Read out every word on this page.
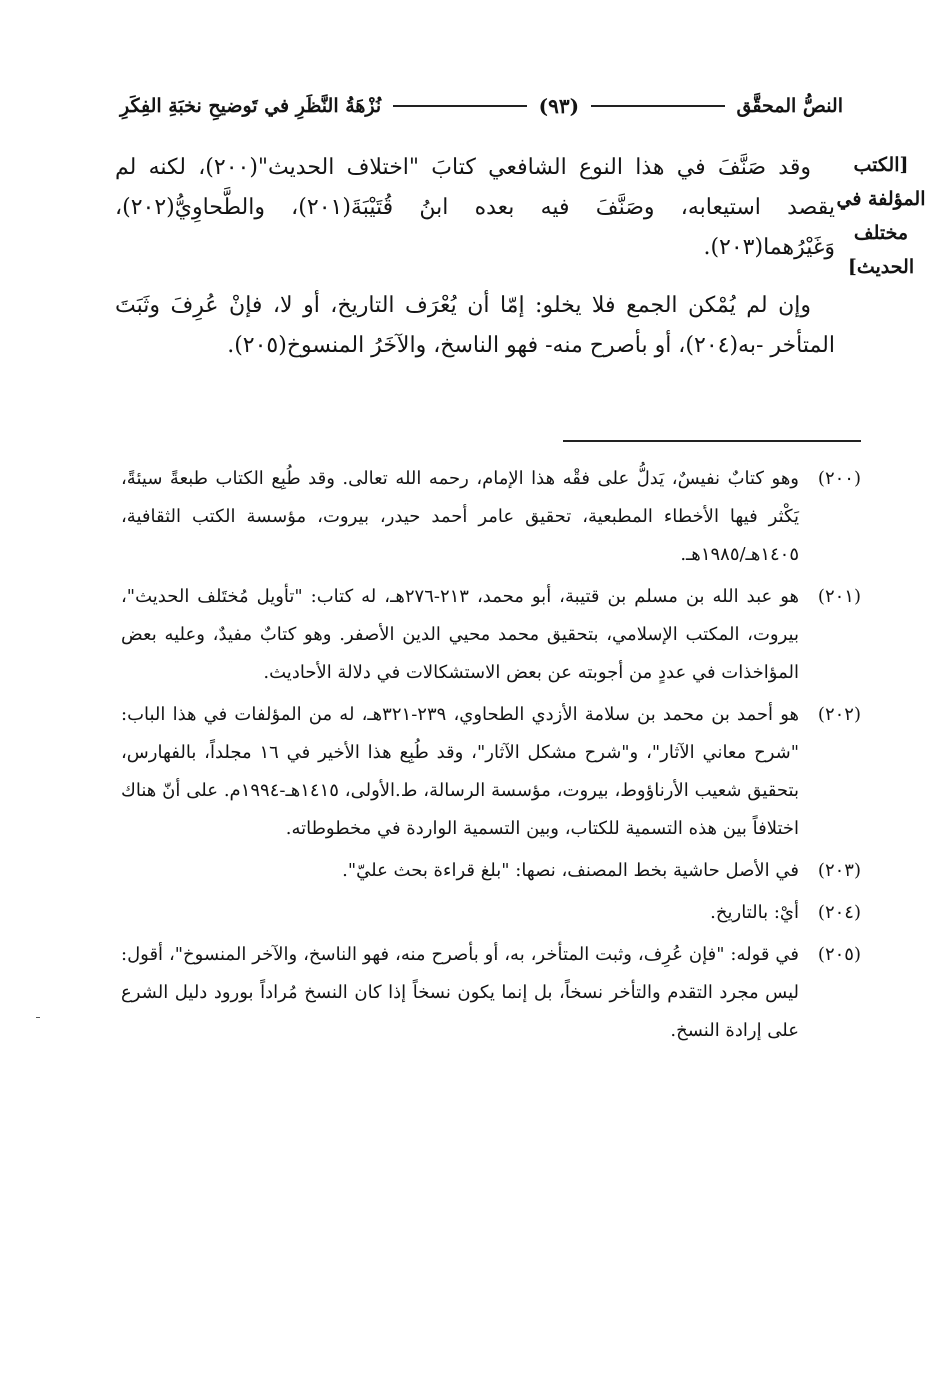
النصُّ المحقَّق
(٩٣)
نُزْهَةُ النَّظَرِ في تَوضيحِ نخبَةِ الفِكَرِ
[الكتب
المؤلفة في
مختلف
الحديث]

وقد صَنَّفَ في هذا النوع الشافعي كتابَ "اختلاف الحديث"(٢٠٠)، لكنه لم يقصد استيعابه، وصَنَّفَ فيه بعده ابنُ قُتَيْبَةَ(٢٠١)، والطَّحاوِيُّ(٢٠٢)، وَغَيْرُهما(٢٠٣).

وإن لم يُمْكن الجمع فلا يخلو: إمّا أن يُعْرَف التاريخ، أو لا، فإنْ عُرِفَ وثَبَتَ المتأخر -به(٢٠٤)، أو بأصرح منه- فهو الناسخ، والآخَرُ المنسوخ(٢٠٥).

(٢٠٠)
وهو كتابٌ نفيسٌ، يَدلُّ على فقْه هذا الإمام، رحمه الله تعالى. وقد طُبِع الكتاب طبعةً سيئةً، يَكْثر فيها الأخطاء المطبعية، تحقيق عامر أحمد حيدر، بيروت، مؤسسة الكتب الثقافية، ١٤٠٥هـ/١٩٨٥هـ.
(٢٠١)
هو عبد الله بن مسلم بن قتيبة، أبو محمد، ٢١٣-٢٧٦هـ، له كتاب: "تأويل مُختَلف الحديث"، بيروت، المكتب الإسلامي، بتحقيق محمد محيي الدين الأصفر. وهو كتابٌ مفيدٌ، وعليه بعض المؤاخذات في عددٍ من أجوبته عن بعض الاستشكالات في دلالة الأحاديث.
(٢٠٢)
هو أحمد بن محمد بن سلامة الأزدي الطحاوي، ٢٣٩-٣٢١هـ، له من المؤلفات في هذا الباب: "شرح معاني الآثار"، و"شرح مشكل الآثار"، وقد طُبِع هذا الأخير في ١٦ مجلداً، بالفهارس، بتحقيق شعيب الأرناؤوط، بيروت، مؤسسة الرسالة، ط.الأولى، ١٤١٥هـ-١٩٩٤م. على أنّ هناك اختلافاً بين هذه التسمية للكتاب، وبين التسمية الواردة في مخطوطاته.
(٢٠٣)
في الأصل حاشية بخط المصنف، نصها: "بلغ قراءة بحث عليّ".
(٢٠٤)
أيْ: بالتاريخ.
(٢٠٥)
في قوله: "فإن عُرِف، وثبت المتأخر، به، أو بأصرح منه، فهو الناسخ، والآخر المنسوخ"، أقول: ليس مجرد التقدم والتأخر نسخاً، بل إنما يكون نسخاً إذا كان النسخ مُراداً بورود دليل الشرع على إرادة النسخ.
